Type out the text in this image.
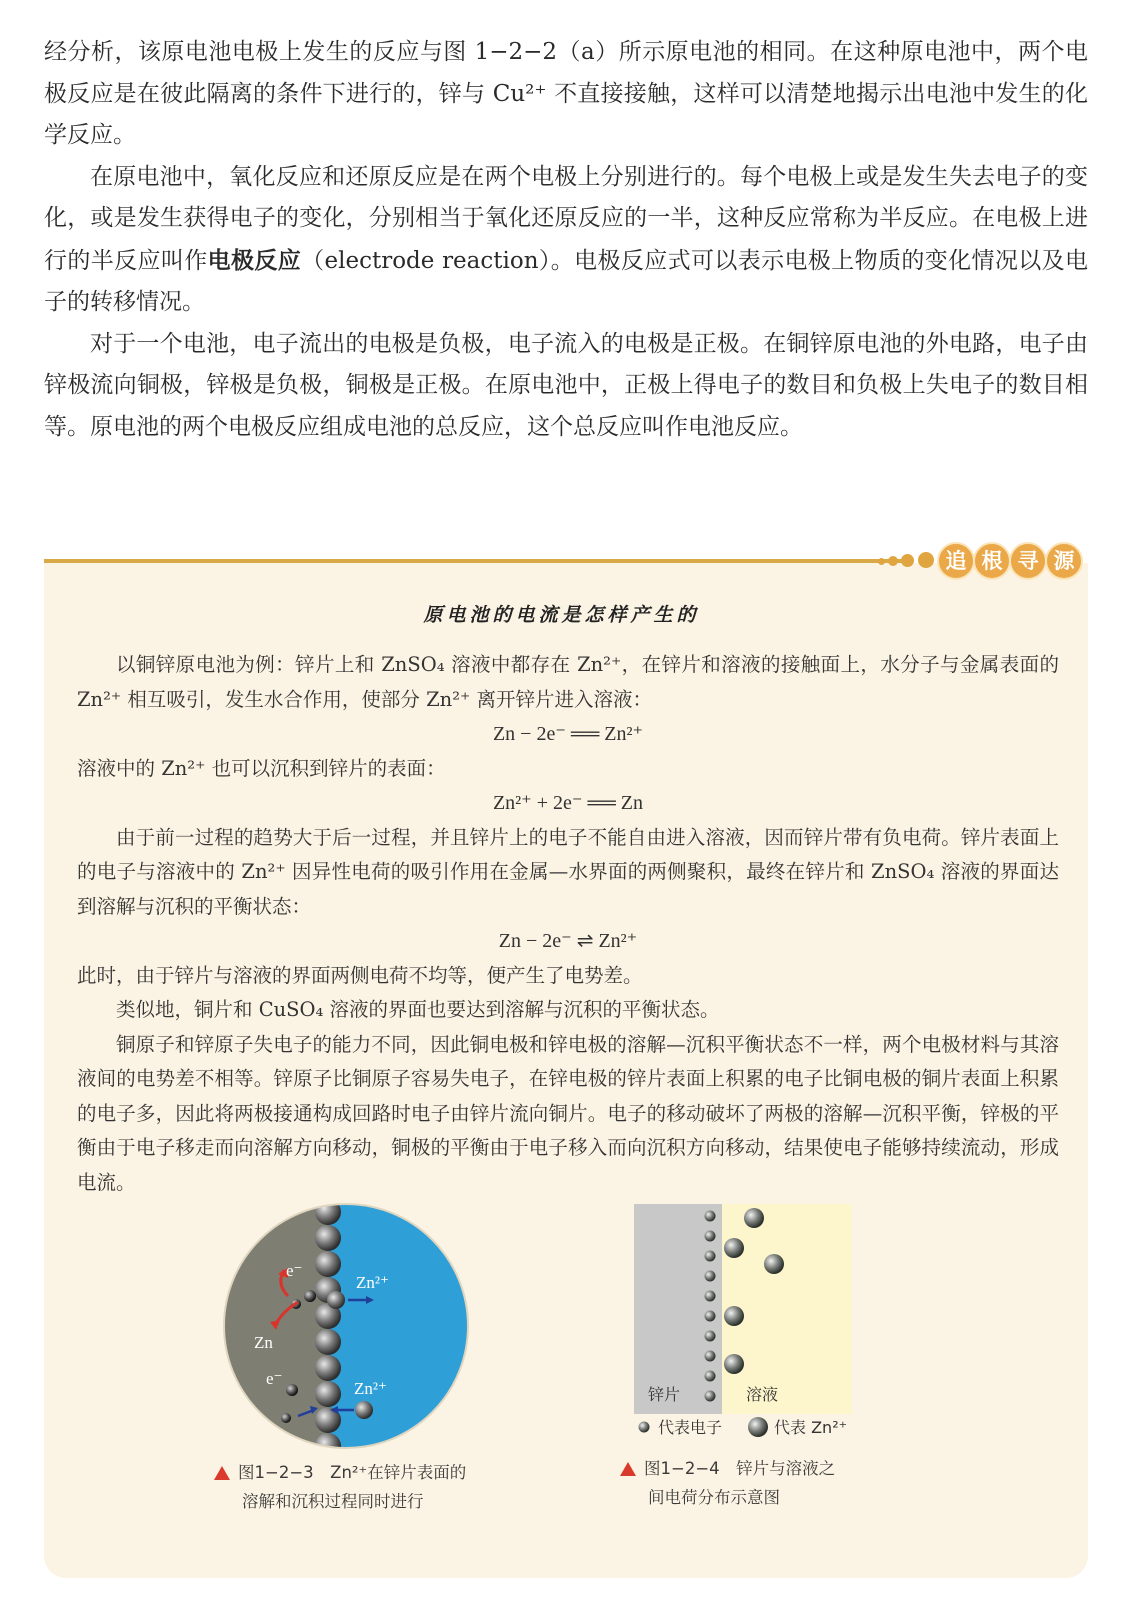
经分析，该原电池电极上发生的反应与图 1−2−2（a）所示原电池的相同。在这种原电池中，两个电极反应是在彼此隔离的条件下进行的，锌与 Cu²⁺ 不直接接触，这样可以清楚地揭示出电池中发生的化学反应。

在原电池中，氧化反应和还原反应是在两个电极上分别进行的。每个电极上或是发生失去电子的变化，或是发生获得电子的变化，分别相当于氧化还原反应的一半，这种反应常称为半反应。在电极上进行的半反应叫作电极反应（electrode reaction）。电极反应式可以表示电极上物质的变化情况以及电子的转移情况。

对于一个电池，电子流出的电极是负极，电子流入的电极是正极。在铜锌原电池的外电路，电子由锌极流向铜极，锌极是负极，铜极是正极。在原电池中，正极上得电子的数目和负极上失电子的数目相等。原电池的两个电极反应组成电池的总反应，这个总反应叫作电池反应。

追 根 寻 源
原电池的电流是怎样产生的

以铜锌原电池为例：锌片上和 ZnSO₄ 溶液中都存在 Zn²⁺，在锌片和溶液的接触面上，水分子与金属表面的 Zn²⁺ 相互吸引，发生水合作用，使部分 Zn²⁺ 离开锌片进入溶液：

Zn − 2e⁻ ══ Zn²⁺

溶液中的 Zn²⁺ 也可以沉积到锌片的表面：

Zn²⁺ + 2e⁻ ══ Zn

由于前一过程的趋势大于后一过程，并且锌片上的电子不能自由进入溶液，因而锌片带有负电荷。锌片表面上的电子与溶液中的 Zn²⁺ 因异性电荷的吸引作用在金属—水界面的两侧聚积，最终在锌片和 ZnSO₄ 溶液的界面达到溶解与沉积的平衡状态：

Zn − 2e⁻ ⇌ Zn²⁺

此时，由于锌片与溶液的界面两侧电荷不均等，便产生了电势差。

类似地，铜片和 CuSO₄ 溶液的界面也要达到溶解与沉积的平衡状态。

铜原子和锌原子失电子的能力不同，因此铜电极和锌电极的溶解—沉积平衡状态不一样，两个电极材料与其溶液间的电势差不相等。锌原子比铜原子容易失电子，在锌电极的锌片表面上积累的电子比铜电极的铜片表面上积累的电子多，因此将两极接通构成回路时电子由锌片流向铜片。电子的移动破坏了两极的溶解—沉积平衡，锌极的平衡由于电子移走而向溶解方向移动，铜极的平衡由于电子移入而向沉积方向移动，结果使电子能够持续流动，形成电流。

e⁻
Zn²⁺
Zn
e⁻
Zn²⁺
图1−2−3　Zn²⁺在锌片表面的
溶解和沉积过程同时进行
锌片	溶液
代表电子	代表 Zn²⁺
图1−2−4　锌片与溶液之
间电荷分布示意图
